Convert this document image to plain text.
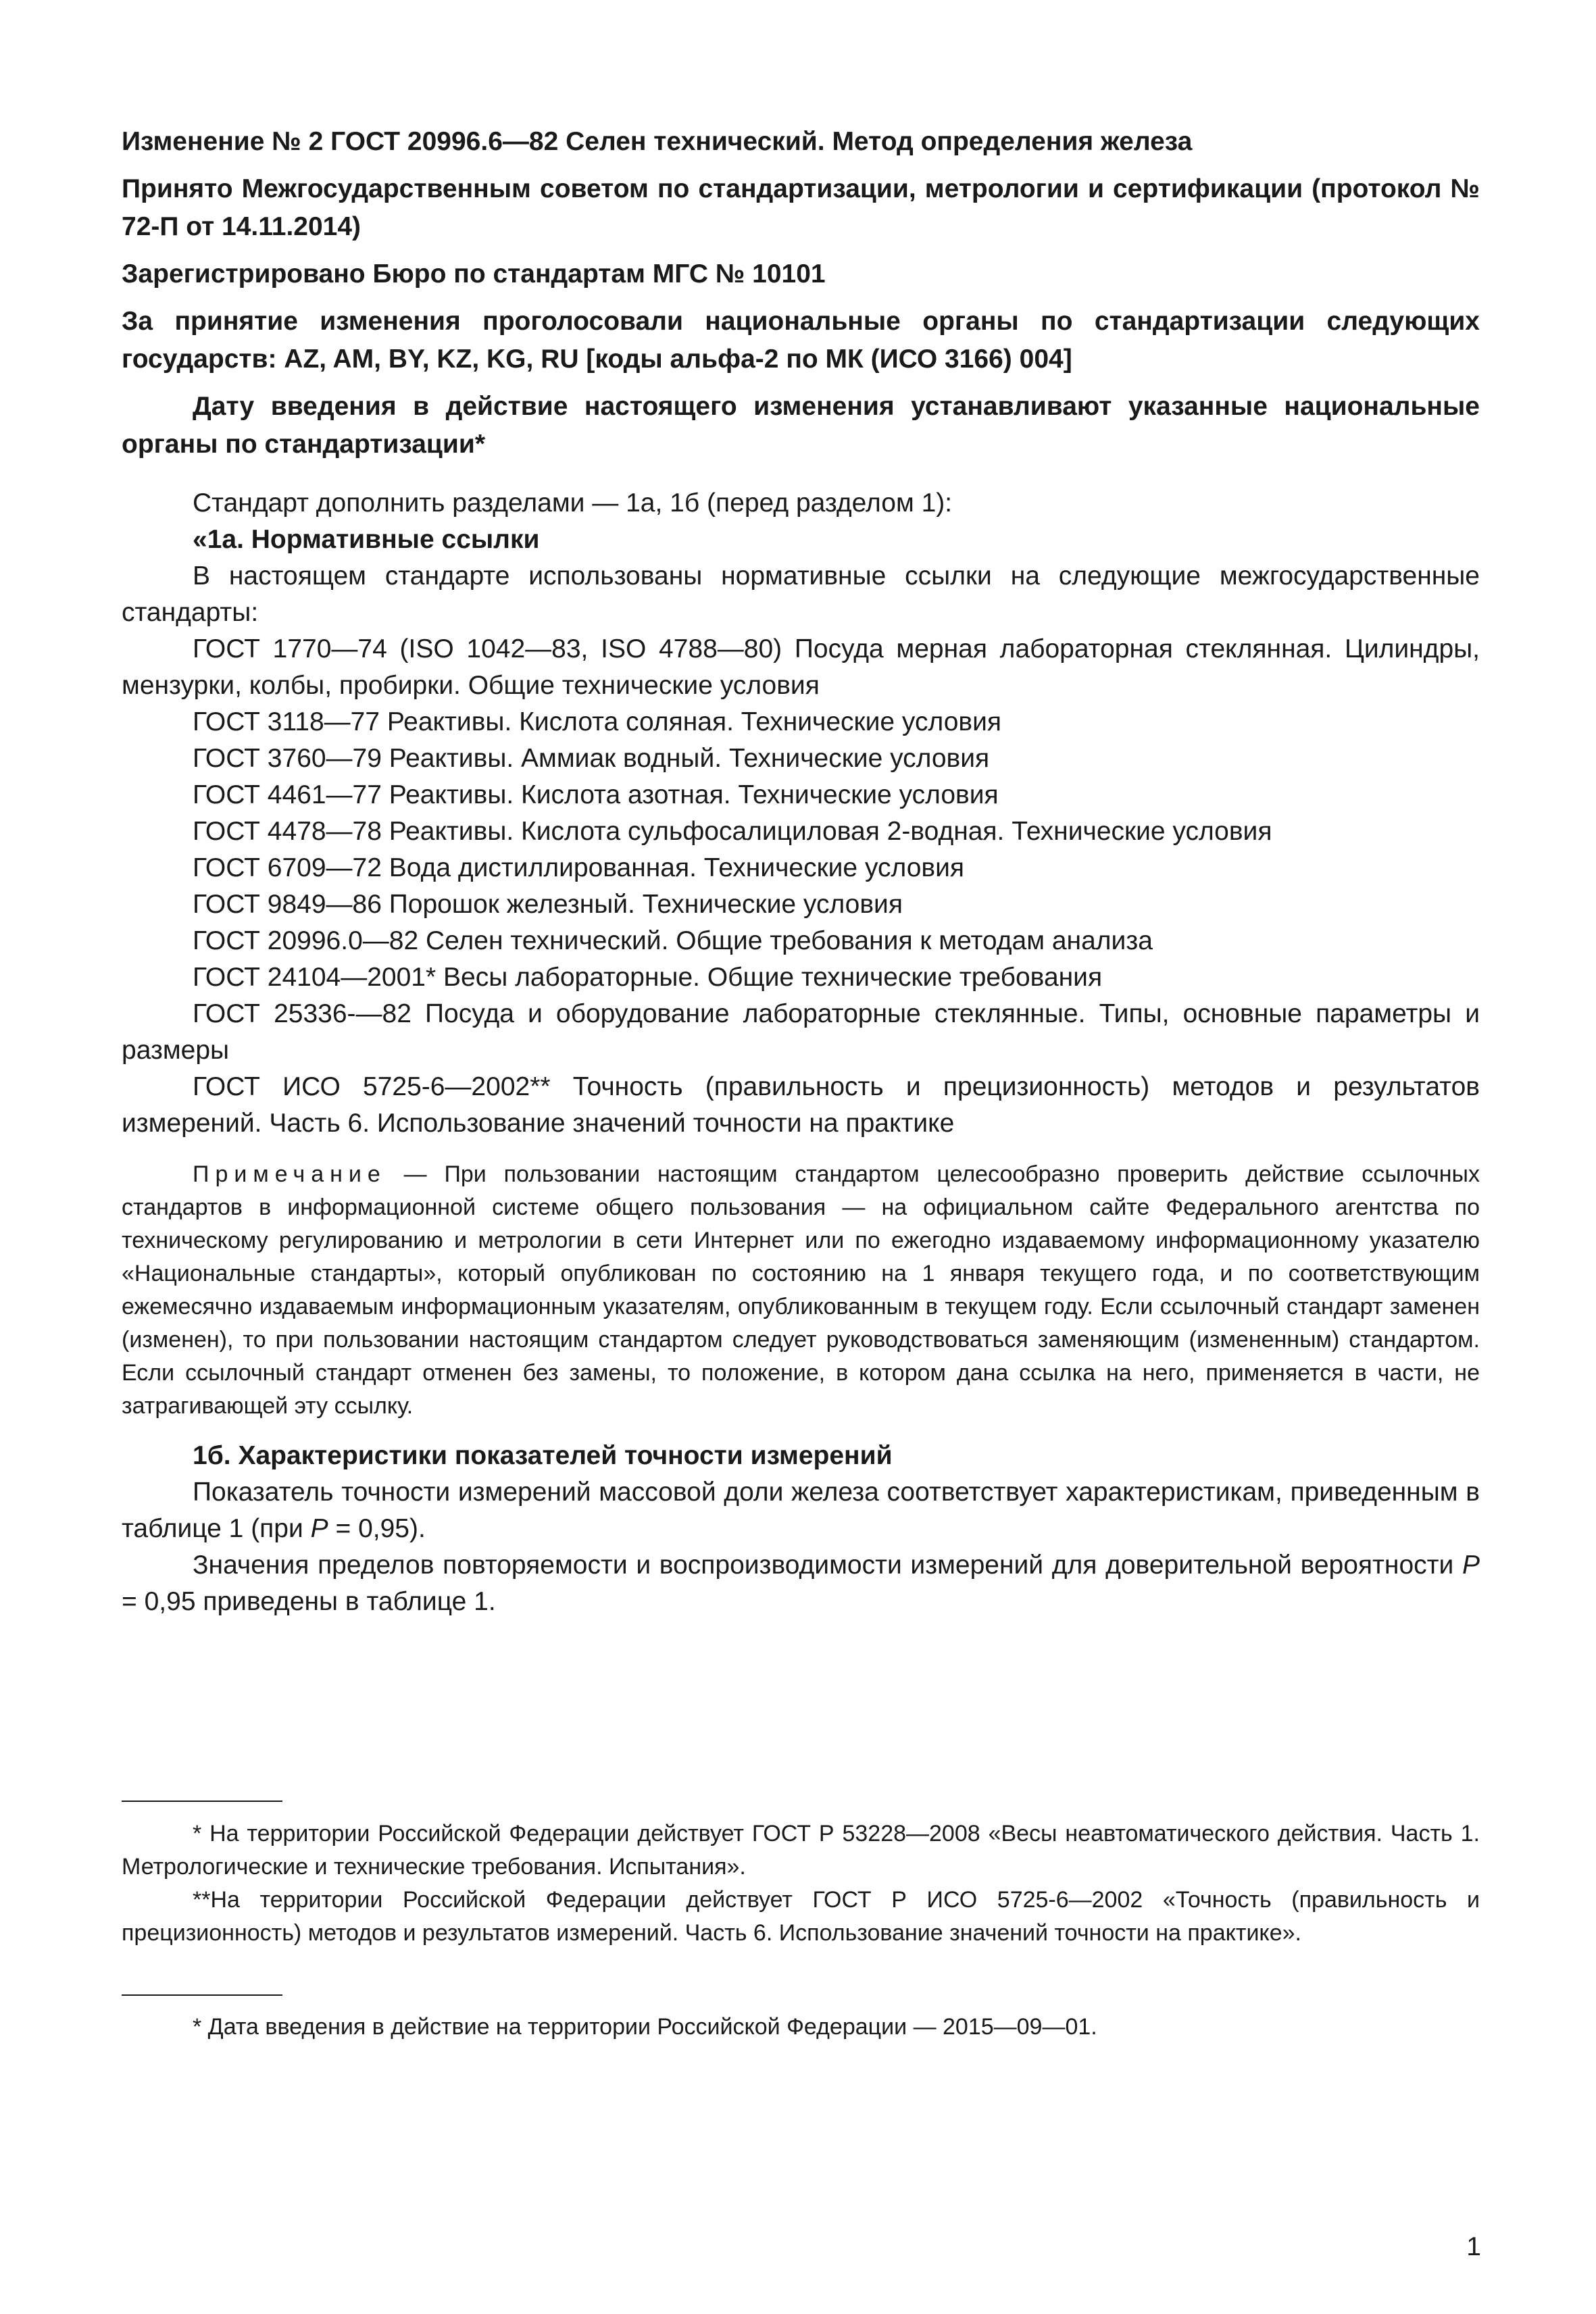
Изменение № 2 ГОСТ 20996.6—82 Селен технический. Метод определения железа

Принято Межгосударственным советом по стандартизации, метрологии и сертификации (протокол № 72-П от 14.11.2014)

Зарегистрировано Бюро по стандартам МГС № 10101

За принятие изменения проголосовали национальные органы по стандартизации следующих государств: AZ, AM, BY, KZ, KG, RU [коды альфа-2 по МК (ИСО 3166) 004]

Дату введения в действие настоящего изменения устанавливают указанные национальные органы по стандартизации*

Стандарт дополнить разделами — 1а, 1б (перед разделом 1):

«1а. Нормативные ссылки

В настоящем стандарте использованы нормативные ссылки на следующие межгосударственные стандарты:

ГОСТ 1770—74 (ISO 1042—83, ISO 4788—80) Посуда мерная лабораторная стеклянная. Цилиндры, мензурки, колбы, пробирки. Общие технические условия

ГОСТ 3118—77 Реактивы. Кислота соляная. Технические условия

ГОСТ 3760—79 Реактивы. Аммиак водный. Технические условия

ГОСТ 4461—77 Реактивы. Кислота азотная. Технические условия

ГОСТ 4478—78 Реактивы. Кислота сульфосалициловая 2-водная. Технические условия

ГОСТ 6709—72 Вода дистиллированная. Технические условия

ГОСТ 9849—86 Порошок железный. Технические условия

ГОСТ 20996.0—82 Селен технический. Общие требования к методам анализа

ГОСТ 24104—2001* Весы лабораторные. Общие технические требования

ГОСТ 25336-—82 Посуда и оборудование лабораторные стеклянные. Типы, основные параметры и размеры

ГОСТ ИСО 5725-6—2002** Точность (правильность и прецизионность) методов и результатов измерений. Часть 6. Использование значений точности на практике

Примечание — При пользовании настоящим стандартом целесообразно проверить действие ссылочных стандартов в информационной системе общего пользования — на официальном сайте Федерального агентства по техническому регулированию и метрологии в сети Интернет или по ежегодно издаваемому информационному указателю «Национальные стандарты», который опубликован по состоянию на 1 января текущего года, и по соответствующим ежемесячно издаваемым информационным указателям, опубликованным в текущем году. Если ссылочный стандарт заменен (изменен), то при пользовании настоящим стандартом следует руководствоваться заменяющим (измененным) стандартом. Если ссылочный стандарт отменен без замены, то положение, в котором дана ссылка на него, применяется в части, не затрагивающей эту ссылку.

1б. Характеристики показателей точности измерений

Показатель точности измерений массовой доли железа соответствует характеристикам, приведенным в таблице 1 (при P = 0,95).

Значения пределов повторяемости и воспроизводимости измерений для доверительной вероятности P = 0,95 приведены в таблице 1.

* На территории Российской Федерации действует ГОСТ Р 53228—2008 «Весы неавтоматического действия. Часть 1. Метрологические и технические требования. Испытания».

**На территории Российской Федерации действует ГОСТ Р ИСО 5725-6—2002 «Точность (правильность и прецизионность) методов и результатов измерений. Часть 6. Использование значений точности на практике».

* Дата введения в действие на территории Российской Федерации — 2015—09—01.

1
